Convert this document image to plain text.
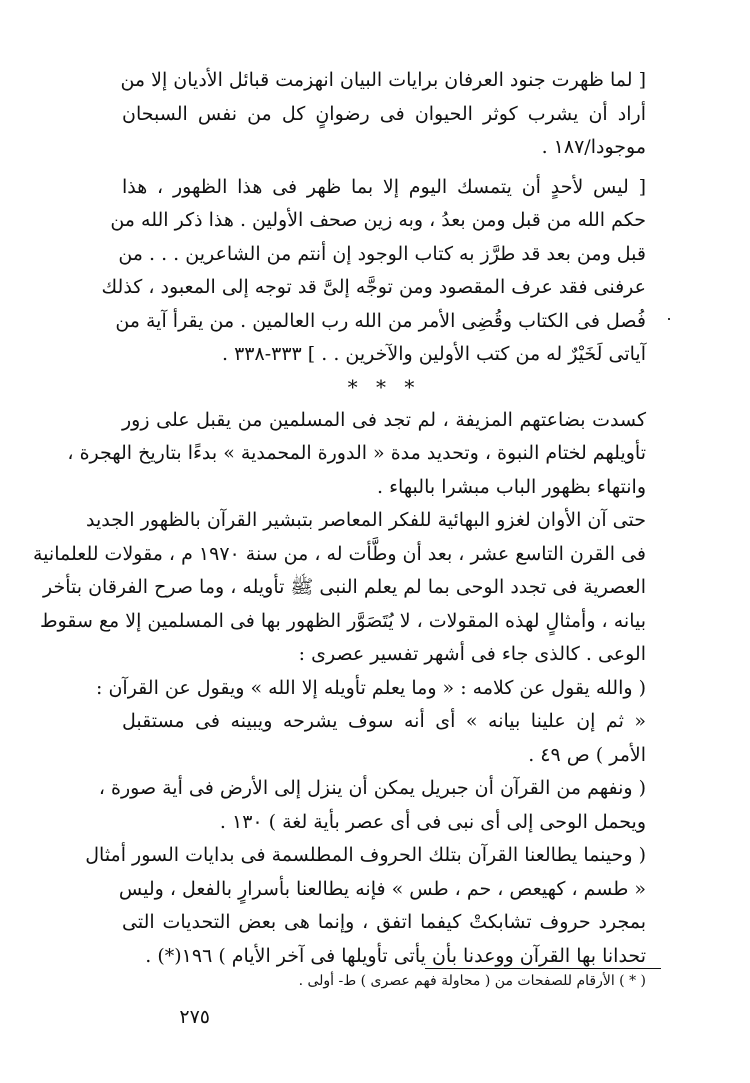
[ لما ظهرت جنود العرفان برايات البيان انهزمت قبائل الأديان إلا من
أراد أن يشرب كوثر الحيوان فى رضوانٍ كل من نفس السبحان
موجودا/١٨٧ .
[ ليس لأحدٍ أن يتمسك اليوم إلا بما ظهر فى هذا الظهور ، هذا
حكم الله من قبل ومن بعدُ ، وبه زين صحف الأولين . هذا ذكر الله من
قبل ومن بعد قد طرَّز به كتاب الوجود إن أنتم من الشاعرين . . . من
عرفنى فقد عرف المقصود ومن توجَّه إلىَّ قد توجه إلى المعبود ، كذلك
فُصل فى الكتاب وقُضِى الأمر من الله رب العالمين . من يقرأ آية من
آياتى لَخَيْرٌ له من كتب الأولين والآخرين . . ] ٣٣٣-٣٣٨ .
* * *
كسدت بضاعتهم المزيفة ، لم تجد فى المسلمين من يقبل على زور
تأويلهم لختام النبوة ، وتحديد مدة « الدورة المحمدية » بدءًا بتاريخ الهجرة ،
وانتهاء بظهور الباب مبشرا بالبهاء .
حتى آن الأوان لغزو البهائية للفكر المعاصر بتبشير القرآن بالظهور الجديد
فى القرن التاسع عشر ، بعد أن وطَّأت له ، من سنة ١٩٧٠ م ، مقولات للعلمانية
العصرية فى تجدد الوحى بما لم يعلم النبى ﷺ تأويله ، وما صرح الفرقان بتأخر
بيانه ، وأمثالٍ لهذه المقولات ، لا يُتَصَوَّر الظهور بها فى المسلمين إلا مع سقوط
الوعى . كالذى جاء فى أشهر تفسير عصرى :
( والله يقول عن كلامه : « وما يعلم تأويله إلا الله » ويقول عن القرآن :
« ثم إن علينا بيانه » أى أنه سوف يشرحه ويبينه فى مستقبل
الأمر ) ص ٤٩ .
( ونفهم من القرآن أن جبريل يمكن أن ينزل إلى الأرض فى أية صورة ،
ويحمل الوحى إلى أى نبى فى أى عصر بأية لغة ) ١٣٠ .
( وحينما يطالعنا القرآن بتلك الحروف المطلسمة فى بدايات السور أمثال
« طسم ، كهيعص ، حم ، طس » فإنه يطالعنا بأسرارٍ بالفعل ، وليس
بمجرد حروف تشابكتْ كيفما اتفق ، وإنما هى بعض التحديات التى
تحدانا بها القرآن ووعدنا بأن يأتى تأويلها فى آخر الأيام ) ١٩٦(*) .
( * ) الأرقام للصفحات من ( محاولة فهم عصرى ) ط- أولى .
٢٧٥
